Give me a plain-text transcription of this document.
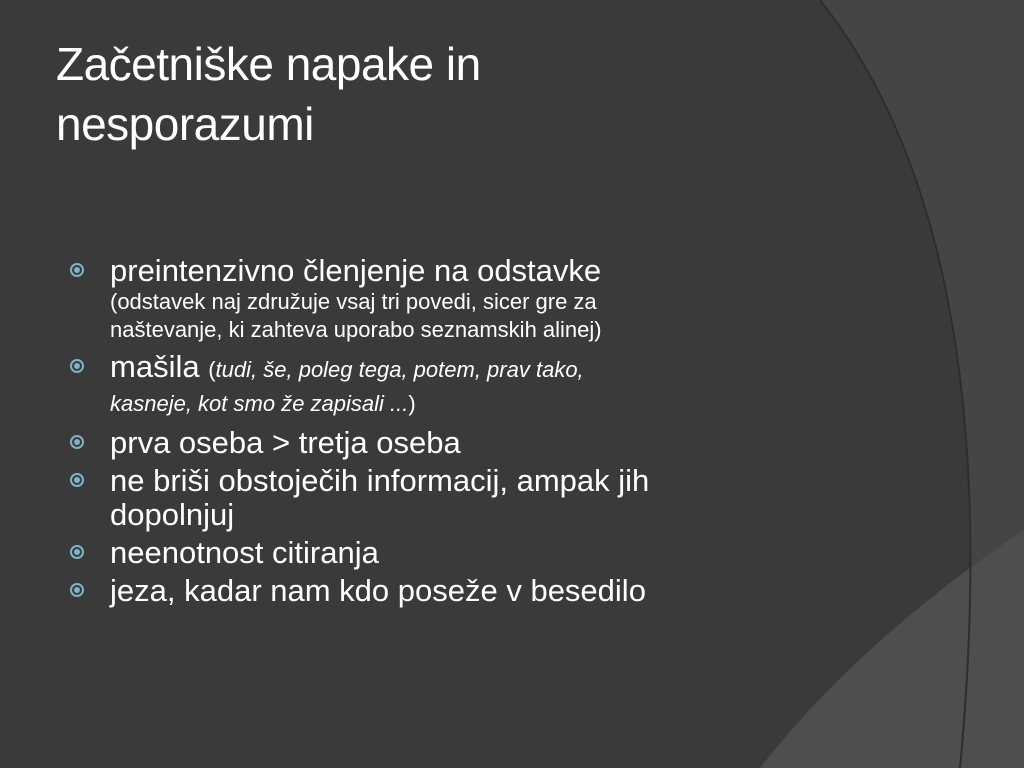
Začetniške napake in
nesporazumi
preintenzivno členjenje na odstavke
(odstavek naj združuje vsaj tri povedi, sicer gre za
naštevanje, ki zahteva uporabo seznamskih alinej)
mašila (tudi, še, poleg tega, potem, prav tako,
kasneje, kot smo že zapisali ...)
prva oseba > tretja oseba
ne briši obstoječih informacij, ampak jih
dopolnjuj
neenotnost citiranja
jeza, kadar nam kdo poseže v besedilo
